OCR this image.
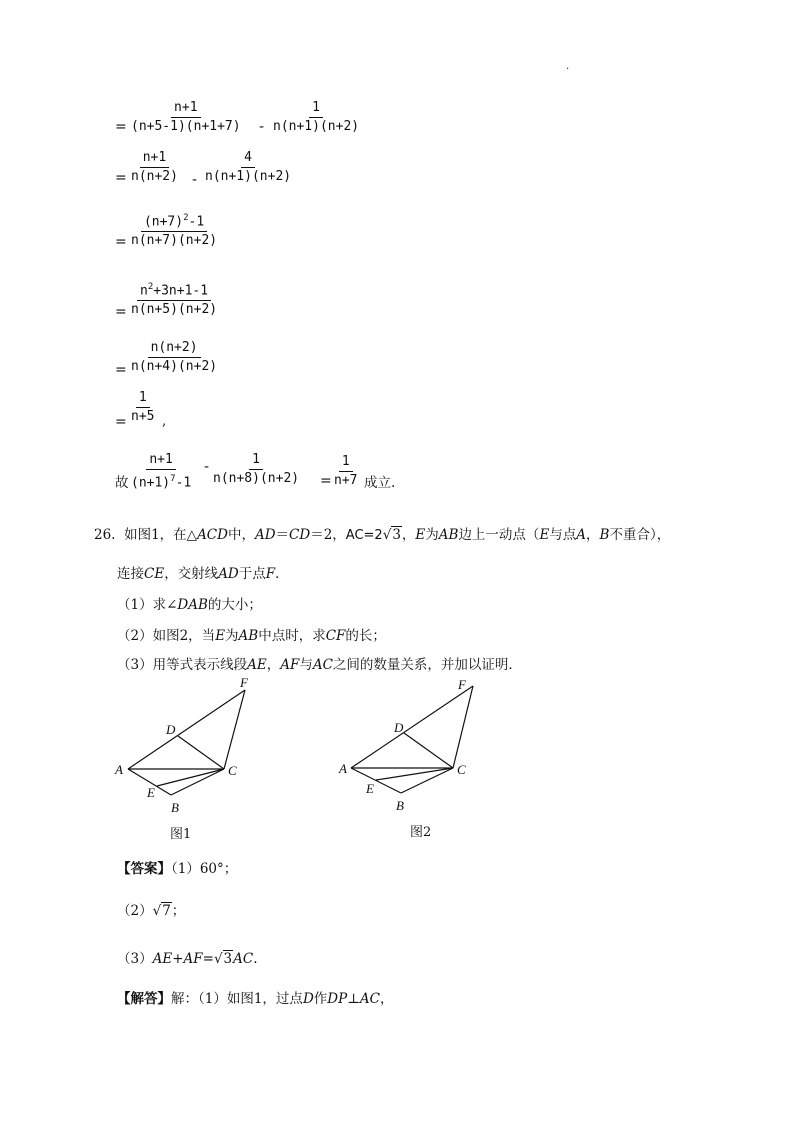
.
= $\frac{n+1}{(n+5-1)(n+1+7)} - \frac{1}{n(n+1)(n+2)}$
= $\frac{n+1}{n(n+2)} - \frac{4}{n(n+1)(n+2)}$
= $\frac{(n+7)^2-1}{n(n+7)(n+2)}$
= $\frac{n^2+3n+1-1}{n(n+5)(n+2)}$
= $\frac{n(n+2)}{n(n+4)(n+2)}$
= $\frac{1}{n+5}$ ,
故 $\frac{n+1}{(n+1)^7-1} - \frac{1}{n(n+8)(n+2)} = \frac{1}{n+7}$ 成立.
26. 如图1，在△ACD中，AD＝CD＝2，AC=2√3，E为AB边上一动点（E与点A，B不重合），
连接CE，交射线AD于点F．
（1）求∠DAB的大小；
（2）如图2，当E为AB中点时，求CF的长；
（3）用等式表示线段AE，AF与AC之间的数量关系，并加以证明．
F
D
A	C
E
B
图1
F
D
A	C
E
B
图2
【答案】（1）60°；
（2）√7；
（3）AE+AF=√3AC.
【解答】解：（1）如图1，过点D作DP⊥AC，
